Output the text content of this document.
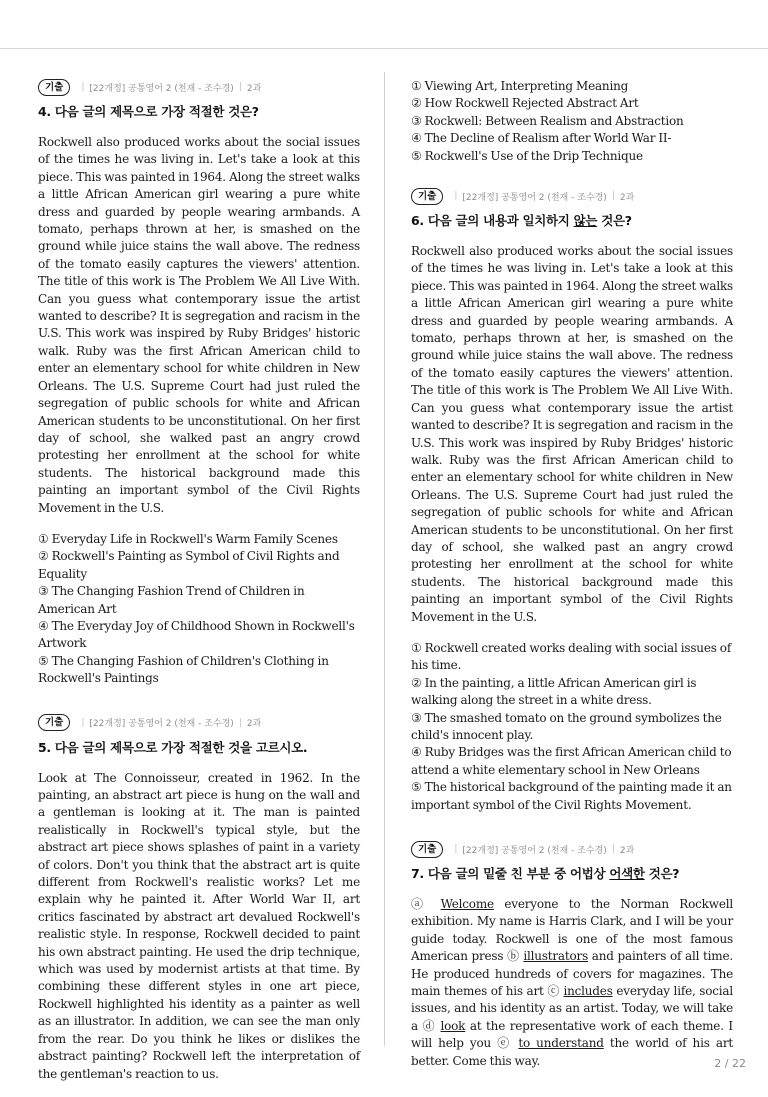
기출	| [22개정] 공통영어 2 (천재 - 조수경) | 2과
4. 다음 글의 제목으로 가장 적절한 것은?

Rockwell also produced works about the social issues of the times he was living in. Let's take a look at this piece. This was painted in 1964. Along the street walks a little African American girl wearing a pure white dress and guarded by people wearing armbands. A tomato, perhaps thrown at her, is smashed on the ground while juice stains the wall above. The redness of the tomato easily captures the viewers' attention. The title of this work is The Problem We All Live With. Can you guess what contemporary issue the artist wanted to describe? It is segregation and racism in the U.S. This work was inspired by Ruby Bridges' historic walk. Ruby was the first African American child to enter an elementary school for white children in New Orleans. The U.S. Supreme Court had just ruled the segregation of public schools for white and African American students to be unconstitutional. On her first day of school, she walked past an angry crowd protesting her enrollment at the school for white students. The historical background made this painting an important symbol of the Civil Rights Movement in the U.S.

① Everyday Life in Rockwell's Warm Family Scenes
② Rockwell's Painting as Symbol of Civil Rights and Equality
③ The Changing Fashion Trend of Children in American Art
④ The Everyday Joy of Childhood Shown in Rockwell's Artwork
⑤ The Changing Fashion of Children's Clothing in Rockwell's Paintings
기출	| [22개정] 공통영어 2 (천재 - 조수경) | 2과
5. 다음 글의 제목으로 가장 적절한 것을 고르시오.

Look at The Connoisseur, created in 1962. In the painting, an abstract art piece is hung on the wall and a gentleman is looking at it. The man is painted realistically in Rockwell's typical style, but the abstract art piece shows splashes of paint in a variety of colors. Don't you think that the abstract art is quite different from Rockwell's realistic works? Let me explain why he painted it. After World War II, art critics fascinated by abstract art devalued Rockwell's realistic style. In response, Rockwell decided to paint his own abstract painting. He used the drip technique, which was used by modernist artists at that time. By combining these different styles in one art piece, Rockwell highlighted his identity as a painter as well as an illustrator. In addition, we can see the man only from the rear. Do you think he likes or dislikes the abstract painting? Rockwell left the interpretation of the gentleman's reaction to us.

① Viewing Art, Interpreting Meaning
② How Rockwell Rejected Abstract Art
③ Rockwell: Between Realism and Abstraction
④ The Decline of Realism after World War II-
⑤ Rockwell's Use of the Drip Technique
기출	| [22개정] 공통영어 2 (천재 - 조수경) | 2과
6. 다음 글의 내용과 일치하지 않는 것은?

Rockwell also produced works about the social issues of the times he was living in. Let's take a look at this piece. This was painted in 1964. Along the street walks a little African American girl wearing a pure white dress and guarded by people wearing armbands. A tomato, perhaps thrown at her, is smashed on the ground while juice stains the wall above. The redness of the tomato easily captures the viewers' attention. The title of this work is The Problem We All Live With. Can you guess what contemporary issue the artist wanted to describe? It is segregation and racism in the U.S. This work was inspired by Ruby Bridges' historic walk. Ruby was the first African American child to enter an elementary school for white children in New Orleans. The U.S. Supreme Court had just ruled the segregation of public schools for white and African American students to be unconstitutional. On her first day of school, she walked past an angry crowd protesting her enrollment at the school for white students. The historical background made this painting an important symbol of the Civil Rights Movement in the U.S.

① Rockwell created works dealing with social issues of his time.
② In the painting, a little African American girl is walking along the street in a white dress.
③ The smashed tomato on the ground symbolizes the child's innocent play.
④ Ruby Bridges was the first African American child to attend a white elementary school in New Orleans
⑤ The historical background of the painting made it an important symbol of the Civil Rights Movement.
기출	| [22개정] 공통영어 2 (천재 - 조수경) | 2과
7. 다음 글의 밑줄 친 부분 중 어법상 어색한 것은?

ⓐ Welcome everyone to the Norman Rockwell exhibition. My name is Harris Clark, and I will be your guide today. Rockwell is one of the most famous American press ⓑ illustrators and painters of all time. He produced hundreds of covers for magazines. The main themes of his art ⓒ includes everyday life, social issues, and his identity as an artist. Today, we will take a ⓓ look at the representative work of each theme. I will help you ⓔ to understand the world of his art better. Come this way.	2 / 22
